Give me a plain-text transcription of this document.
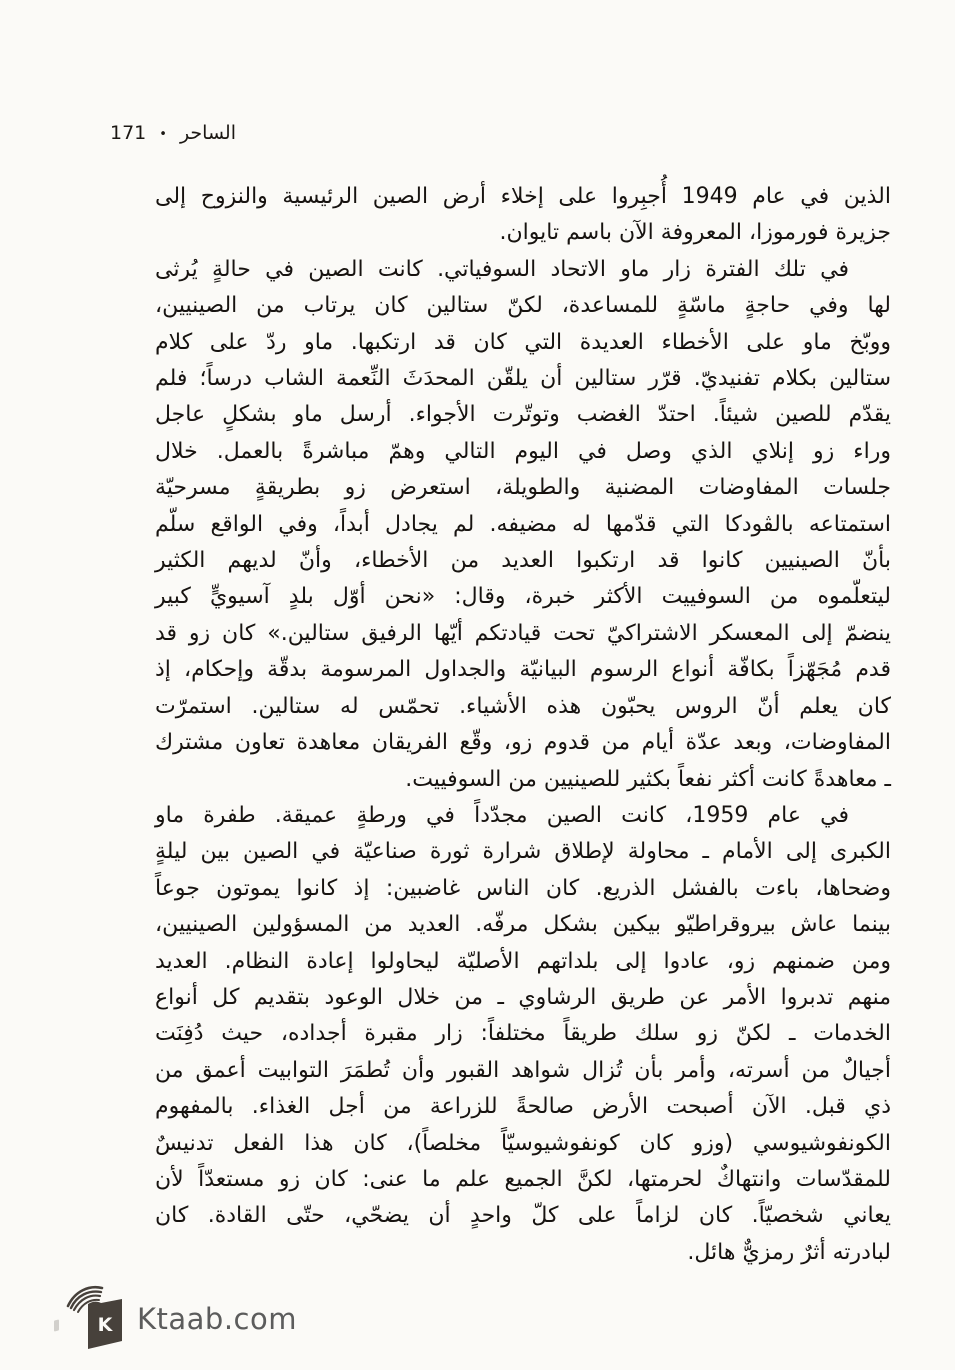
171 • الساحر
الذين في عام 1949 أُجبِروا على إخلاء أرض الصين الرئيسية والنزوح إلى
جزيرة فورموزا، المعروفة الآن باسم تايوان.
في تلك الفترة زار ماو الاتحاد السوفياتي. كانت الصين في حالةٍ يُرثى
لها وفي حاجةٍ ماسّةٍ للمساعدة، لكنّ ستالين كان يرتاب من الصينيين،
ووبّخ ماو على الأخطاء العديدة التي كان قد ارتكبها. ماو ردّ على كلام
ستالين بكلام تفنيديّ. قرّر ستالين أن يلقّن المحدَثَ النِّعمة الشاب درساً؛ فلم
يقدّم للصين شيئاً. احتدّ الغضب وتوتّرت الأجواء. أرسل ماو بشكلٍ عاجل
وراء زو إنلاي الذي وصل في اليوم التالي وهمّ مباشرةً بالعمل. خلال
جلسات المفاوضات المضنية والطويلة، استعرض زو بطريقةٍ مسرحيّة
استمتاعه بالڤودكا التي قدّمها له مضيفه. لم يجادل أبداً، وفي الواقع سلّم
بأنّ الصينيين كانوا قد ارتكبوا العديد من الأخطاء، وأنّ لديهم الكثير
ليتعلّموه من السوفييت الأكثر خبرة، وقال: «نحن أوّل بلدٍ آسيويٍّ كبير
ينضمّ إلى المعسكر الاشتراكيّ تحت قيادتكم أيّها الرفيق ستالين.» كان زو قد
قدم مُجَهّزاً بكافّة أنواع الرسوم البيانيّة والجداول المرسومة بدقّة وإحكام، إذ
كان يعلم أنّ الروس يحبّون هذه الأشياء. تحمّس له ستالين. استمرّت
المفاوضات، وبعد عدّة أيام من قدوم زو، وقّع الفريقان معاهدة تعاون مشترك
ـ معاهدةً كانت أكثر نفعاً بكثير للصينيين من السوفييت.
في عام 1959، كانت الصين مجدّداً في ورطةٍ عميقة. طفرة ماو
الكبرى إلى الأمام ـ محاولة لإطلاق شرارة ثورة صناعيّة في الصين بين ليلةٍ
وضحاها، باءت بالفشل الذريع. كان الناس غاضبين: إذ كانوا يموتون جوعاً
بينما عاش بيروقراطيّو بيكين بشكل مرفّه. العديد من المسؤولين الصينيين،
ومن ضمنهم زو، عادوا إلى بلداتهم الأصليّة ليحاولوا إعادة النظام. العديد
منهم تدبروا الأمر عن طريق الرشاوي ـ من خلال الوعود بتقديم كل أنواع
الخدمات ـ لكنّ زو سلك طريقاً مختلفاً: زار مقبرة أجداده، حيث دُفِنَت
أجيالٌ من أسرته، وأمر بأن تُزال شواهد القبور وأن تُطمَرَ التوابيت أعمق من
ذي قبل. الآن أصبحت الأرض صالحةً للزراعة من أجل الغذاء. بالمفهوم
الكونفوشيوسي (وزو كان كونفوشيوسيّاً مخلصاً)، كان هذا الفعل تدنيسٌ
للمقدّسات وانتهاكٌ لحرمتها، لكنَّ الجميع علم ما عنى: كان زو مستعدّاً لأن
يعاني شخصيّاً. كان لزاماً على كلّ واحدٍ أن يضحّي، حتّى القادة. كان
لبادرته أثرٌ رمزيٌّ هائل.
K Ktaab.com
